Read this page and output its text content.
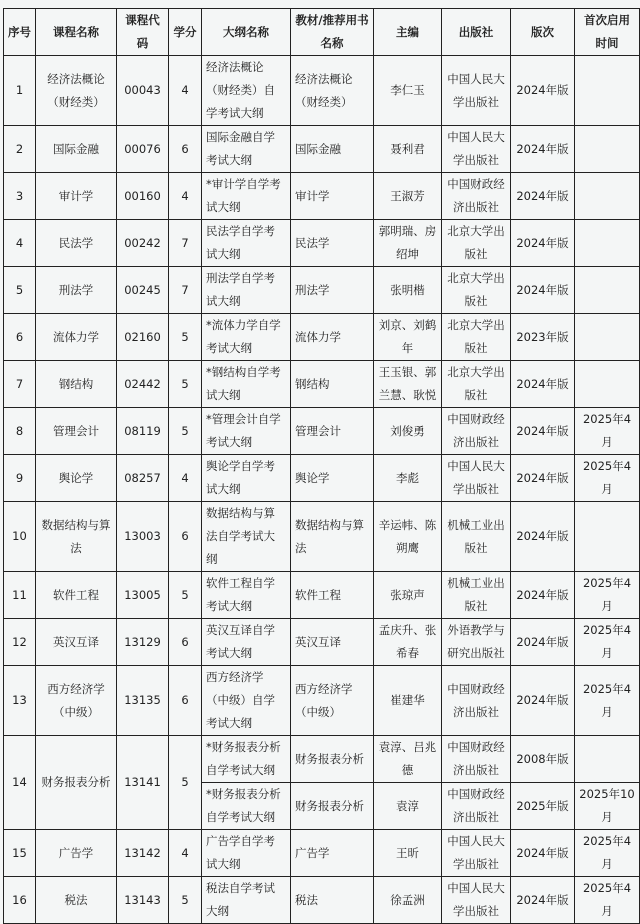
序号	课程名称	课程代码	学分	大纲名称	教材/推荐用书名称	主编	出版社	版次	首次启用时间
1	经济法概论（财经类）	00043	4	经济法概论（财经类）自学考试大纲	经济法概论（财经类）	李仁玉	中国人民大学出版社	2024年版	
2	国际金融	00076	6	国际金融自学考试大纲	国际金融	聂利君	中国人民大学出版社	2024年版	
3	审计学	00160	4	*审计学自学考试大纲	审计学	王淑芳	中国财政经济出版社	2024年版	
4	民法学	00242	7	民法学自学考试大纲	民法学	郭明瑞、房绍坤	北京大学出版社	2024年版	
5	刑法学	00245	7	刑法学自学考试大纲	刑法学	张明楷	北京大学出版社	2024年版	
6	流体力学	02160	5	*流体力学自学考试大纲	流体力学	刘京、刘鹤年	北京大学出版社	2023年版	
7	钢结构	02442	5	*钢结构自学考试大纲	钢结构	王玉银、郭兰慧、耿悦	北京大学出版社	2024年版	
8	管理会计	08119	5	*管理会计自学考试大纲	管理会计	刘俊勇	中国财政经济出版社	2024年版	2025年4月
9	舆论学	08257	4	舆论学自学考试大纲	舆论学	李彪	中国人民大学出版社	2024年版	2025年4月
10	数据结构与算法	13003	6	数据结构与算法自学考试大纲	数据结构与算法	辛运帏、陈朔鹰	机械工业出版社	2024年版	
11	软件工程	13005	5	软件工程自学考试大纲	软件工程	张琼声	机械工业出版社	2024年版	2025年4月
12	英汉互译	13129	6	英汉互译自学考试大纲	英汉互译	孟庆升、张希春	外语教学与研究出版社	2024年版	2025年4月
13	西方经济学（中级）	13135	6	西方经济学（中级）自学考试大纲	西方经济学（中级）	崔建华	中国财政经济出版社	2024年版	2025年4月
14	财务报表分析	13141	5	*财务报表分析自学考试大纲	财务报表分析	袁淳、吕兆德	中国财政经济出版社	2008年版	
				*财务报表分析自学考试大纲	财务报表分析	袁淳	中国财政经济出版社	2025年版	2025年10月
15	广告学	13142	4	广告学自学考试大纲	广告学	王昕	中国人民大学出版社	2024年版	2025年4月
16	税法	13143	5	税法自学考试大纲	税法	徐孟洲	中国人民大学出版社	2024年版	2025年4月
